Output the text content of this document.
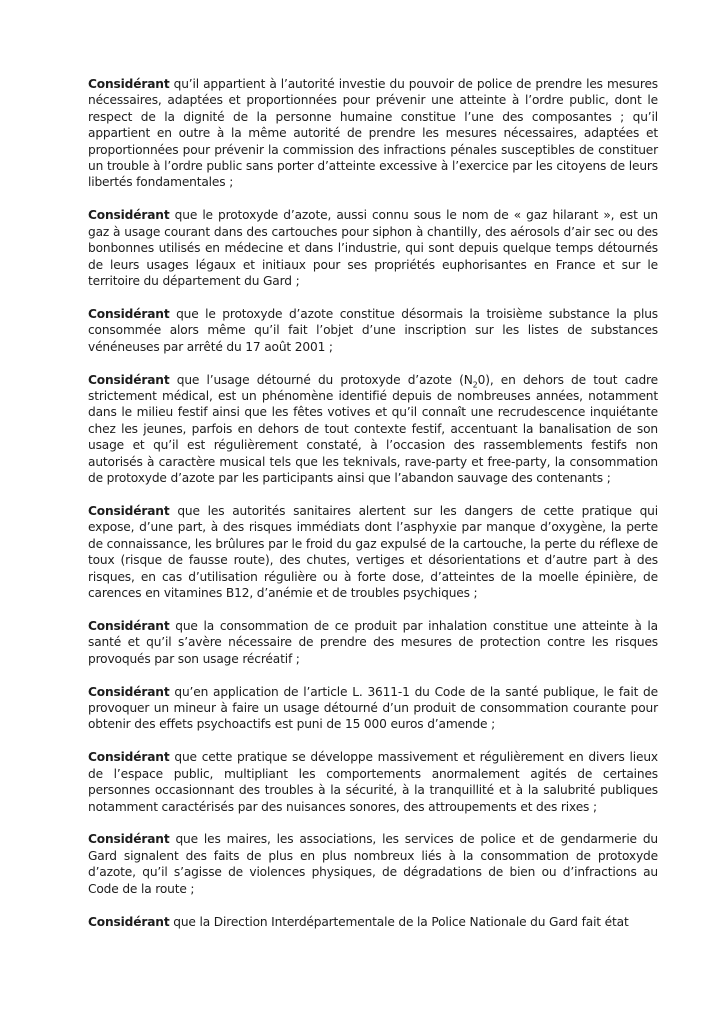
Considérant qu’il appartient à l’autorité investie du pouvoir de police de prendre les mesures nécessaires, adaptées et proportionnées pour prévenir une atteinte à l’ordre public, dont le respect de la dignité de la personne humaine constitue l’une des composantes ; qu’il appartient en outre à la même autorité de prendre les mesures nécessaires, adaptées et proportionnées pour prévenir la commission des infractions pénales susceptibles de constituer un trouble à l’ordre public sans porter d’atteinte excessive à l’exercice par les citoyens de leurs libertés fondamentales ;

Considérant que le protoxyde d’azote, aussi connu sous le nom de « gaz hilarant », est un gaz à usage courant dans des cartouches pour siphon à chantilly, des aérosols d’air sec ou des bonbonnes utilisés en médecine et dans l’industrie, qui sont depuis quelque temps détournés de leurs usages légaux et initiaux pour ses propriétés euphorisantes en France et sur le territoire du département du Gard ;

Considérant que le protoxyde d’azote constitue désormais la troisième substance la plus consommée alors même qu’il fait l’objet d’une inscription sur les listes de substances vénéneuses par arrêté du 17 août 2001 ;

Considérant que l’usage détourné du protoxyde d’azote $(N_20)$, en dehors de tout cadre strictement médical, est un phénomène identifié depuis de nombreuses années, notamment dans le milieu festif ainsi que les fêtes votives et qu’il connaît une recrudescence inquiétante chez les jeunes, parfois en dehors de tout contexte festif, accentuant la banalisation de son usage et qu’il est régulièrement constaté, à l’occasion des rassemblements festifs non autorisés à caractère musical tels que les teknivals, rave-party et free-party, la consommation de protoxyde d’azote par les participants ainsi que l’abandon sauvage des contenants ;

Considérant que les autorités sanitaires alertent sur les dangers de cette pratique qui expose, d’une part, à des risques immédiats dont l’asphyxie par manque d’oxygène, la perte de connaissance, les brûlures par le froid du gaz expulsé de la cartouche, la perte du réflexe de toux (risque de fausse route), des chutes, vertiges et désorientations et d’autre part à des risques, en cas d’utilisation régulière ou à forte dose, d’atteintes de la moelle épinière, de carences en vitamines B12, d’anémie et de troubles psychiques ;

Considérant que la consommation de ce produit par inhalation constitue une atteinte à la santé et qu’il s’avère nécessaire de prendre des mesures de protection contre les risques provoqués par son usage récréatif ;

Considérant qu’en application de l’article L. 3611-1 du Code de la santé publique, le fait de provoquer un mineur à faire un usage détourné d’un produit de consommation courante pour obtenir des effets psychoactifs est puni de 15 000 euros d’amende ;

Considérant que cette pratique se développe massivement et régulièrement en divers lieux de l’espace public, multipliant les comportements anormalement agités de certaines personnes occasionnant des troubles à la sécurité, à la tranquillité et à la salubrité publiques notamment caractérisés par des nuisances sonores, des attroupements et des rixes ;

Considérant que les maires, les associations, les services de police et de gendarmerie du Gard signalent des faits de plus en plus nombreux liés à la consommation de protoxyde d’azote, qu’il s’agisse de violences physiques, de dégradations de bien ou d’infractions au Code de la route ;

Considérant que la Direction Interdépartementale de la Police Nationale du Gard fait état
